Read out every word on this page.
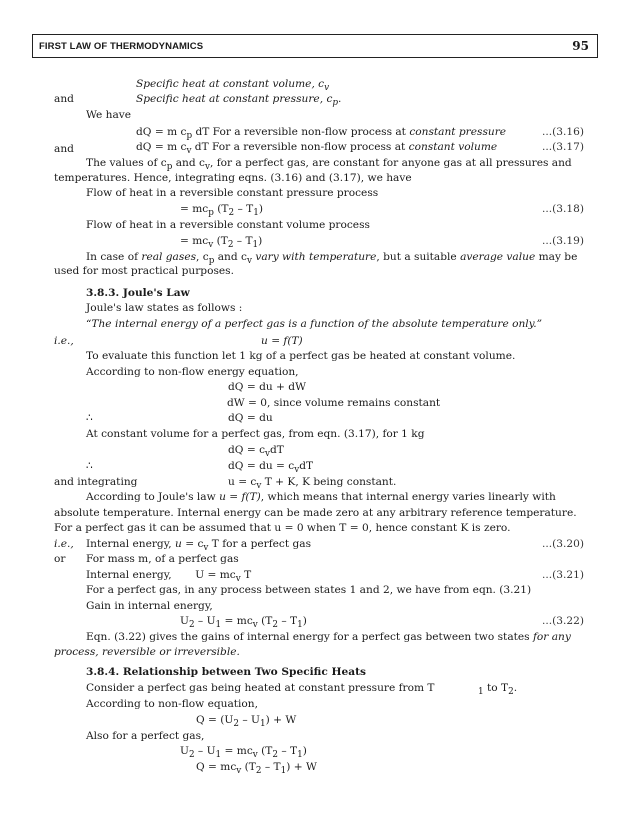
FIRST LAW OF THERMODYNAMICS	95
Specific heat at constant volume, $c_v$
and	Specific heat at constant pressure, $c_p$.
We have
and
temperatures. Hence, integrating eqns. (3.16) and (3.17), we have
Flow of heat in a reversible constant pressure process
Flow of heat in a reversible constant volume process
used for most practical purposes.
Joule's law states as follows :
i.e.,
To evaluate this function let 1 kg of a perfect gas be heated at constant volume.
According to non-flow energy equation,
∴
At constant volume for a perfect gas, from eqn. (3.17), for 1 kg
∴
and integrating
absolute temperature. Internal energy can be made zero at any arbitrary reference temperature.
For a perfect gas it can be assumed that u = 0 when T = 0, hence constant K is zero.
i.e.,
or For mass m, of a perfect gas
Gain in internal energy,
process, reversible or irreversible.
Consider a perfect gas being heated at constant pressure from T
According to non-flow equation,
Also for a perfect gas,
dQ = m $c_p$ dT For a reversible non-flow process at constant pressure
dQ = m $c_v$ dT For a reversible non-flow process at constant volume
The values of $c_p$ and $c_v$, for a perfect gas, are constant for anyone gas at all pressures and
= $mc_p$ $(T_2 - T_1)$
= $mc_v$ $(T_2 - T_1)$
In case of real gases, $c_p$ and $c_v$ vary with temperature, but a suitable average value may be
3.8.3. Joule's Law
“The internal energy of a perfect gas is a function of the absolute temperature only.”
u = f(T)
dQ = du + dW
dW = 0, since volume remains constant
dQ = du
dQ = $c_vdT$
dQ = du = $c_vdT$
$u = c_v$ T + K, K being constant.
According to Joule's law u = f(T), which means that internal energy varies linearly with
Internal energy, $u = c_v$ T for a perfect gas
Internal energy,       $U = mc_v$ T
For a perfect gas, in any process between states 1 and 2, we have from eqn. (3.21)
$U_2 - U_1 = mc_v$ $(T_2 - T_1)$
Eqn. (3.22) gives the gains of internal energy for a perfect gas between two states for any
3.8.4. Relationship between Two Specific Heats
$_1$ to $T_2$.
$Q = (U_2 - U_1) + W$
$U_2 - U_1 = mc_v$ $(T_2 - T_1)$
$Q = mc_v$ $(T_2 - T_1) + W$
...(3.16)
...(3.17)
...(3.18)
...(3.19)
...(3.20)
...(3.21)
...(3.22)
